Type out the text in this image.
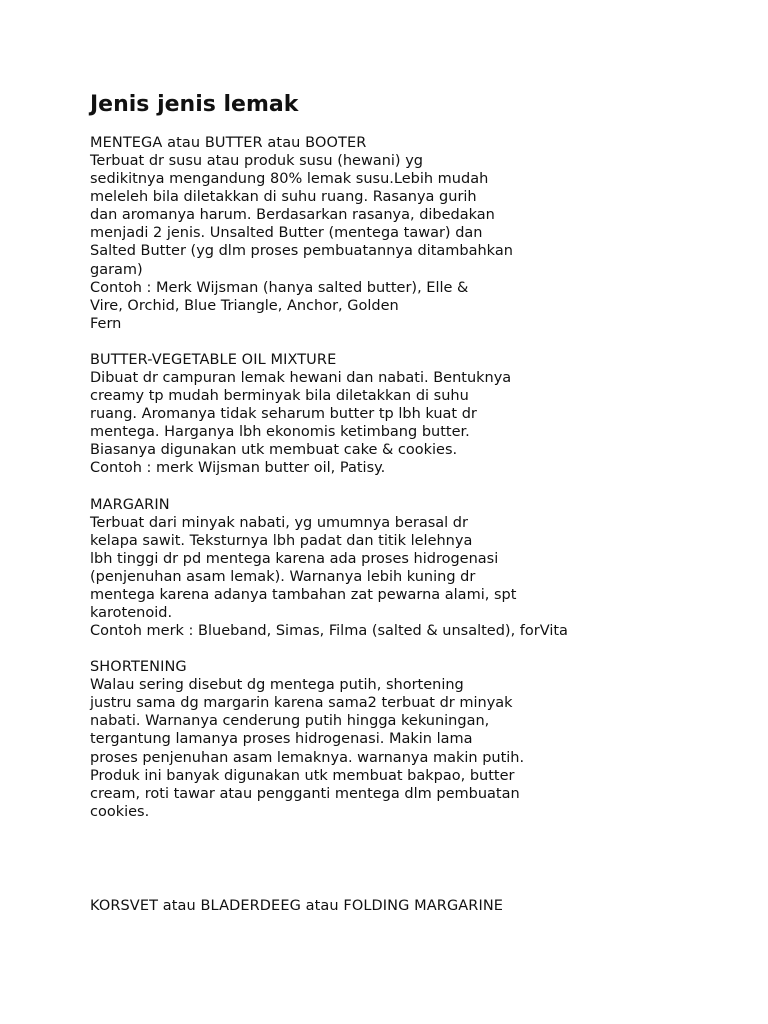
Jenis jenis lemak
MENTEGA atau BUTTER atau BOOTER
Terbuat dr susu atau produk susu (hewani) yg
sedikitnya mengandung 80% lemak susu.Lebih mudah
meleleh bila diletakkan di suhu ruang. Rasanya gurih
dan aromanya harum. Berdasarkan rasanya, dibedakan
menjadi 2 jenis. Unsalted Butter (mentega tawar) dan
Salted Butter (yg dlm proses pembuatannya ditambahkan
garam)
Contoh : Merk Wijsman (hanya salted butter), Elle &
Vire, Orchid, Blue Triangle, Anchor, Golden
Fern
BUTTER-VEGETABLE OIL MIXTURE
Dibuat dr campuran lemak hewani dan nabati. Bentuknya
creamy tp mudah berminyak bila diletakkan di suhu
ruang. Aromanya tidak seharum butter tp lbh kuat dr
mentega. Harganya lbh ekonomis ketimbang butter.
Biasanya digunakan utk membuat cake & cookies.
Contoh : merk Wijsman butter oil, Patisy.
MARGARIN
Terbuat dari minyak nabati, yg umumnya berasal dr
kelapa sawit. Teksturnya lbh padat dan titik lelehnya
lbh tinggi dr pd mentega karena ada proses hidrogenasi
(penjenuhan asam lemak). Warnanya lebih kuning dr
mentega karena adanya tambahan zat pewarna alami, spt
karotenoid.
Contoh merk : Blueband, Simas, Filma (salted & unsalted), forVita
SHORTENING
Walau sering disebut dg mentega putih, shortening
justru sama dg margarin karena sama2 terbuat dr minyak
nabati. Warnanya cenderung putih hingga kekuningan,
tergantung lamanya proses hidrogenasi. Makin lama
proses penjenuhan asam lemaknya. warnanya makin putih.
Produk ini banyak digunakan utk membuat bakpao, butter
cream, roti tawar atau pengganti mentega dlm pembuatan
cookies.
KORSVET atau BLADERDEEG atau FOLDING MARGARINE
